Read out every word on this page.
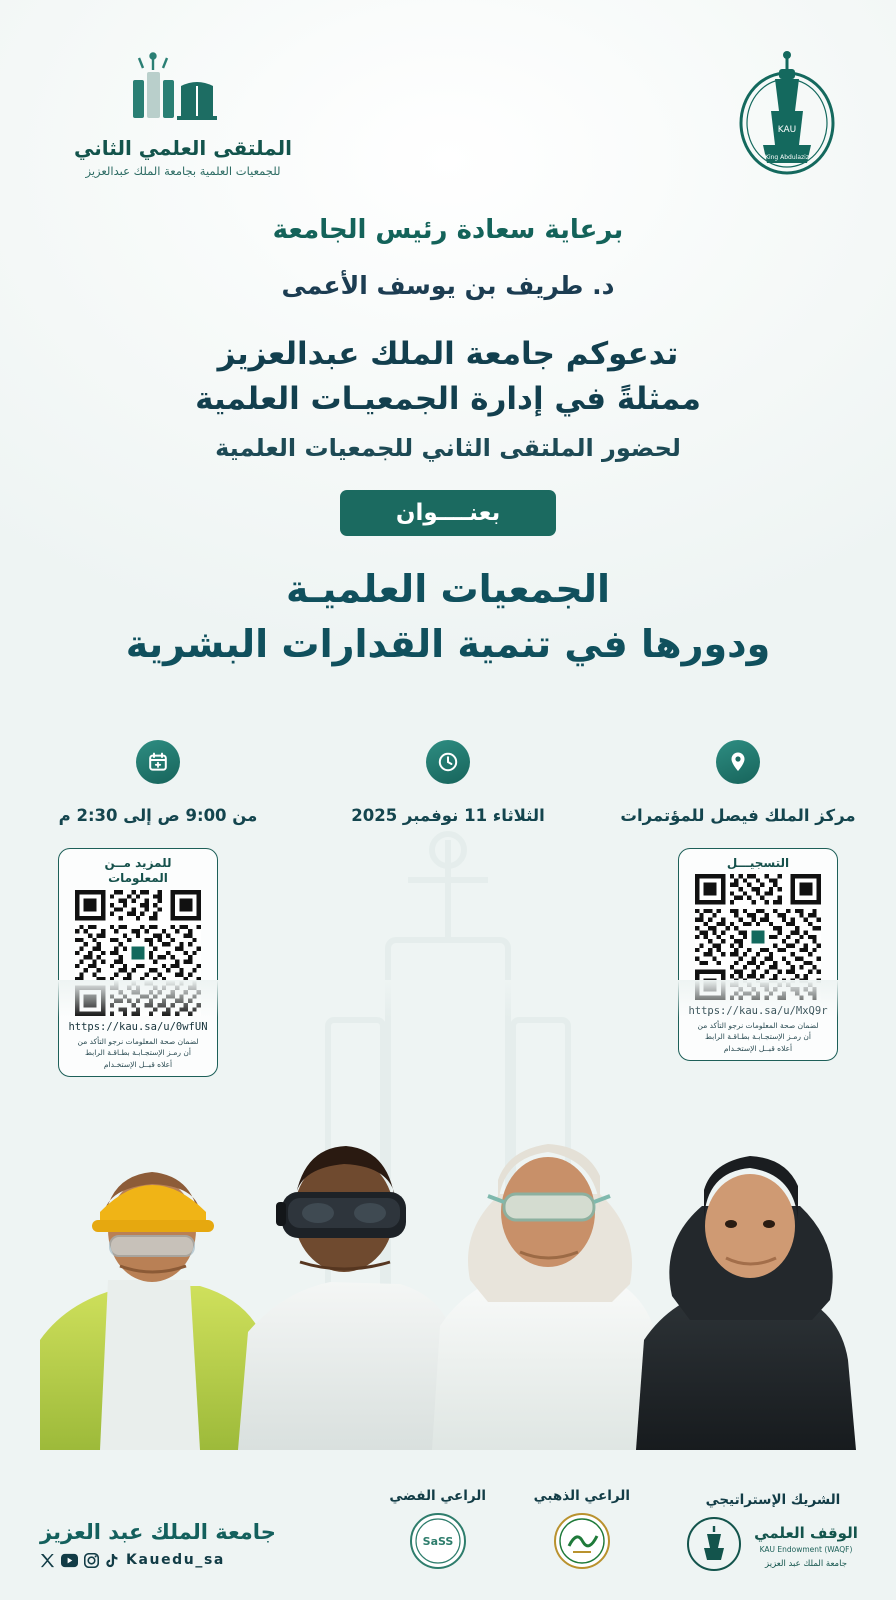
KAU
King Abdulaziz
الملتقى العلمي الثاني
للجمعيات العلمية بجامعة الملك عبدالعزيز
برعاية سعادة رئيس الجامعة
د. طريف بن يوسف الأعمى
تدعوكم جامعة الملك عبدالعزيز
ممثلةً في إدارة الجمعيـات العلمية
لحضور الملتقى الثاني للجمعيات العلمية
بعنــــوان
الجمعيات العلميـة
ودورها في تنمية القدارات البشرية
مركز الملك فيصل للمؤتمرات
الثلاثاء 11 نوفمبر 2025
من 9:00 ص إلى 2:30 م
التسجيـــل
للمزيد مــن
المعلومات
الشريك الإستراتيجي
الوقف العلمي
KAU Endowment (WAQF)
جامعة الملك عبد العزيز
الراعي الذهبي
الراعي الفضي
SaSS
جامعة الملك عبد العزيز
Kauedu_sa
